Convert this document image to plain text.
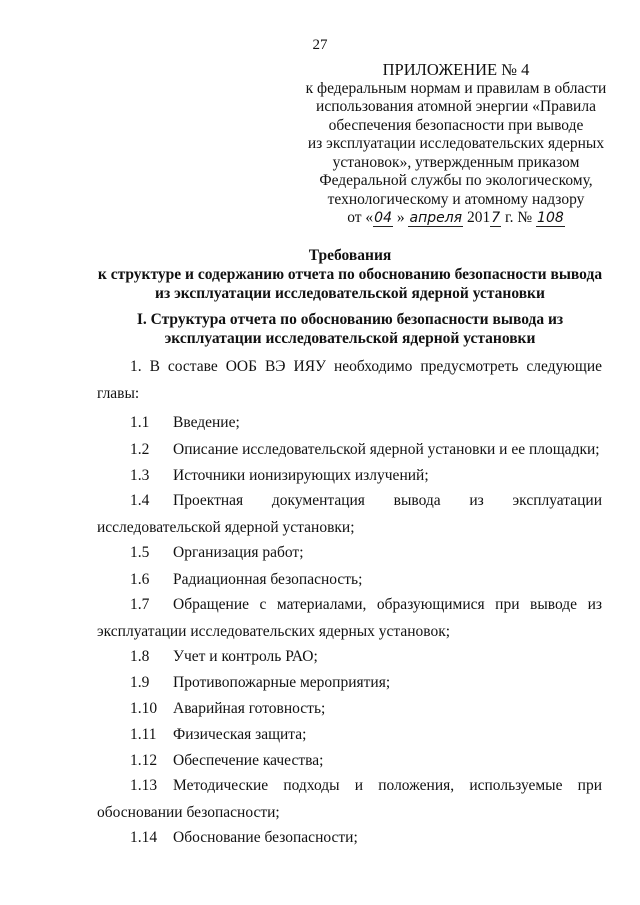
27
ПРИЛОЖЕНИЕ № 4
к федеральным нормам и правилам в области
использования атомной энергии «Правила
обеспечения безопасности при выводе
из эксплуатации исследовательских ядерных
установок», утвержденным приказом
Федеральной службы по экологическому,
технологическому и атомному надзору
от «04 » апреля 2017 г. № 108
Требования
к структуре и содержанию отчета по обоснованию безопасности вывода
из эксплуатации исследовательской ядерной установки
I. Структура отчета по обоснованию безопасности вывода из
эксплуатации исследовательской ядерной установки
1. В составе ООБ ВЭ ИЯУ необходимо предусмотреть следующие главы:
1.1 Введение;
1.2 Описание исследовательской ядерной установки и ее площадки;
1.3 Источники ионизирующих излучений;
1.4 Проектная документация вывода из эксплуатации исследовательской ядерной установки;
1.5 Организация работ;
1.6 Радиационная безопасность;
1.7 Обращение с материалами, образующимися при выводе из эксплуатации исследовательских ядерных установок;
1.8 Учет и контроль РАО;
1.9 Противопожарные мероприятия;
1.10 Аварийная готовность;
1.11 Физическая защита;
1.12 Обеспечение качества;
1.13 Методические подходы и положения, используемые при обосновании безопасности;
1.14 Обоснование безопасности;
